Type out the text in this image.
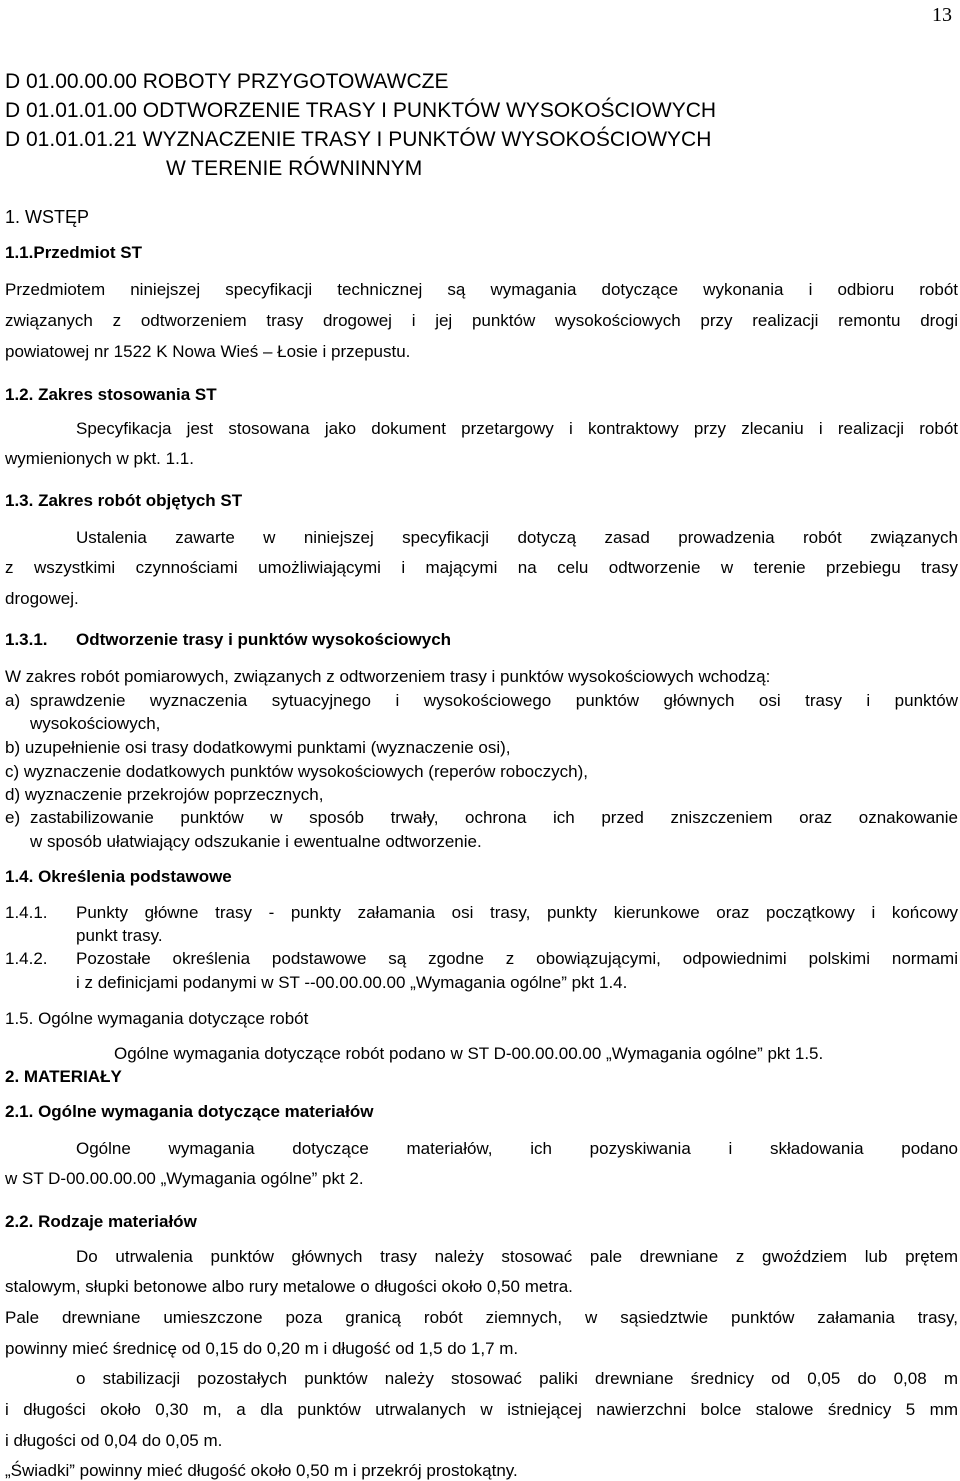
13
D 01.00.00.00 ROBOTY PRZYGOTOWAWCZE
D 01.01.01.00 ODTWORZENIE TRASY I PUNKTÓW WYSOKOŚCIOWYCH
D 01.01.01.21 WYZNACZENIE TRASY I PUNKTÓW WYSOKOŚCIOWYCH
W TERENIE RÓWNINNYM
1. WSTĘP
1.1.Przedmiot ST
Przedmiotem niniejszej specyfikacji technicznej są wymagania dotyczące wykonania i odbioru robót
związanych z odtworzeniem trasy drogowej i jej punktów wysokościowych przy realizacji remontu drogi
powiatowej nr 1522 K Nowa Wieś – Łosie i przepustu.
1.2. Zakres stosowania ST
Specyfikacja jest stosowana jako dokument przetargowy i kontraktowy przy zlecaniu i realizacji robót
wymienionych w pkt. 1.1.
1.3. Zakres robót objętych ST
Ustalenia zawarte w niniejszej specyfikacji dotyczą zasad prowadzenia robót związanych
z wszystkimi czynnościami umożliwiającymi i mającymi na celu odtworzenie w terenie przebiegu trasy
drogowej.
1.3.1. Odtworzenie trasy i punktów wysokościowych
W zakres robót pomiarowych, związanych z odtworzeniem trasy i punktów wysokościowych wchodzą:
a) sprawdzenie wyznaczenia sytuacyjnego i wysokościowego punktów głównych osi trasy i punktów
wysokościowych,
b) uzupełnienie osi trasy dodatkowymi punktami (wyznaczenie osi),
c) wyznaczenie dodatkowych punktów wysokościowych (reperów roboczych),
d) wyznaczenie przekrojów poprzecznych,
e) zastabilizowanie punktów w sposób trwały, ochrona ich przed zniszczeniem oraz oznakowanie
w sposób ułatwiający odszukanie i ewentualne odtworzenie.
1.4. Określenia podstawowe
1.4.1. Punkty główne trasy - punkty załamania osi trasy, punkty kierunkowe oraz początkowy i końcowy
punkt trasy.
1.4.2. Pozostałe określenia podstawowe są zgodne z obowiązującymi, odpowiednimi polskimi normami
i z definicjami podanymi w ST --00.00.00.00 „Wymagania ogólne” pkt 1.4.
1.5. Ogólne wymagania dotyczące robót
Ogólne wymagania dotyczące robót podano w ST D-00.00.00.00 „Wymagania ogólne” pkt 1.5.
2. MATERIAŁY
2.1. Ogólne wymagania dotyczące materiałów
Ogólne wymagania dotyczące materiałów, ich pozyskiwania i składowania podano
w ST D-00.00.00.00 „Wymagania ogólne” pkt 2.
2.2. Rodzaje materiałów
Do utrwalenia punktów głównych trasy należy stosować pale drewniane z gwoździem lub prętem
stalowym, słupki betonowe albo rury metalowe o długości około 0,50 metra.
Pale drewniane umieszczone poza granicą robót ziemnych, w sąsiedztwie punktów załamania trasy,
powinny mieć średnicę od 0,15 do 0,20 m i długość od 1,5 do 1,7 m.
o stabilizacji pozostałych punktów należy stosować paliki drewniane średnicy od 0,05 do 0,08 m
i długości około 0,30 m, a dla punktów utrwalanych w istniejącej nawierzchni bolce stalowe średnicy 5 mm
i długości od 0,04 do 0,05 m.
„Świadki” powinny mieć długość około 0,50 m i przekrój prostokątny.
